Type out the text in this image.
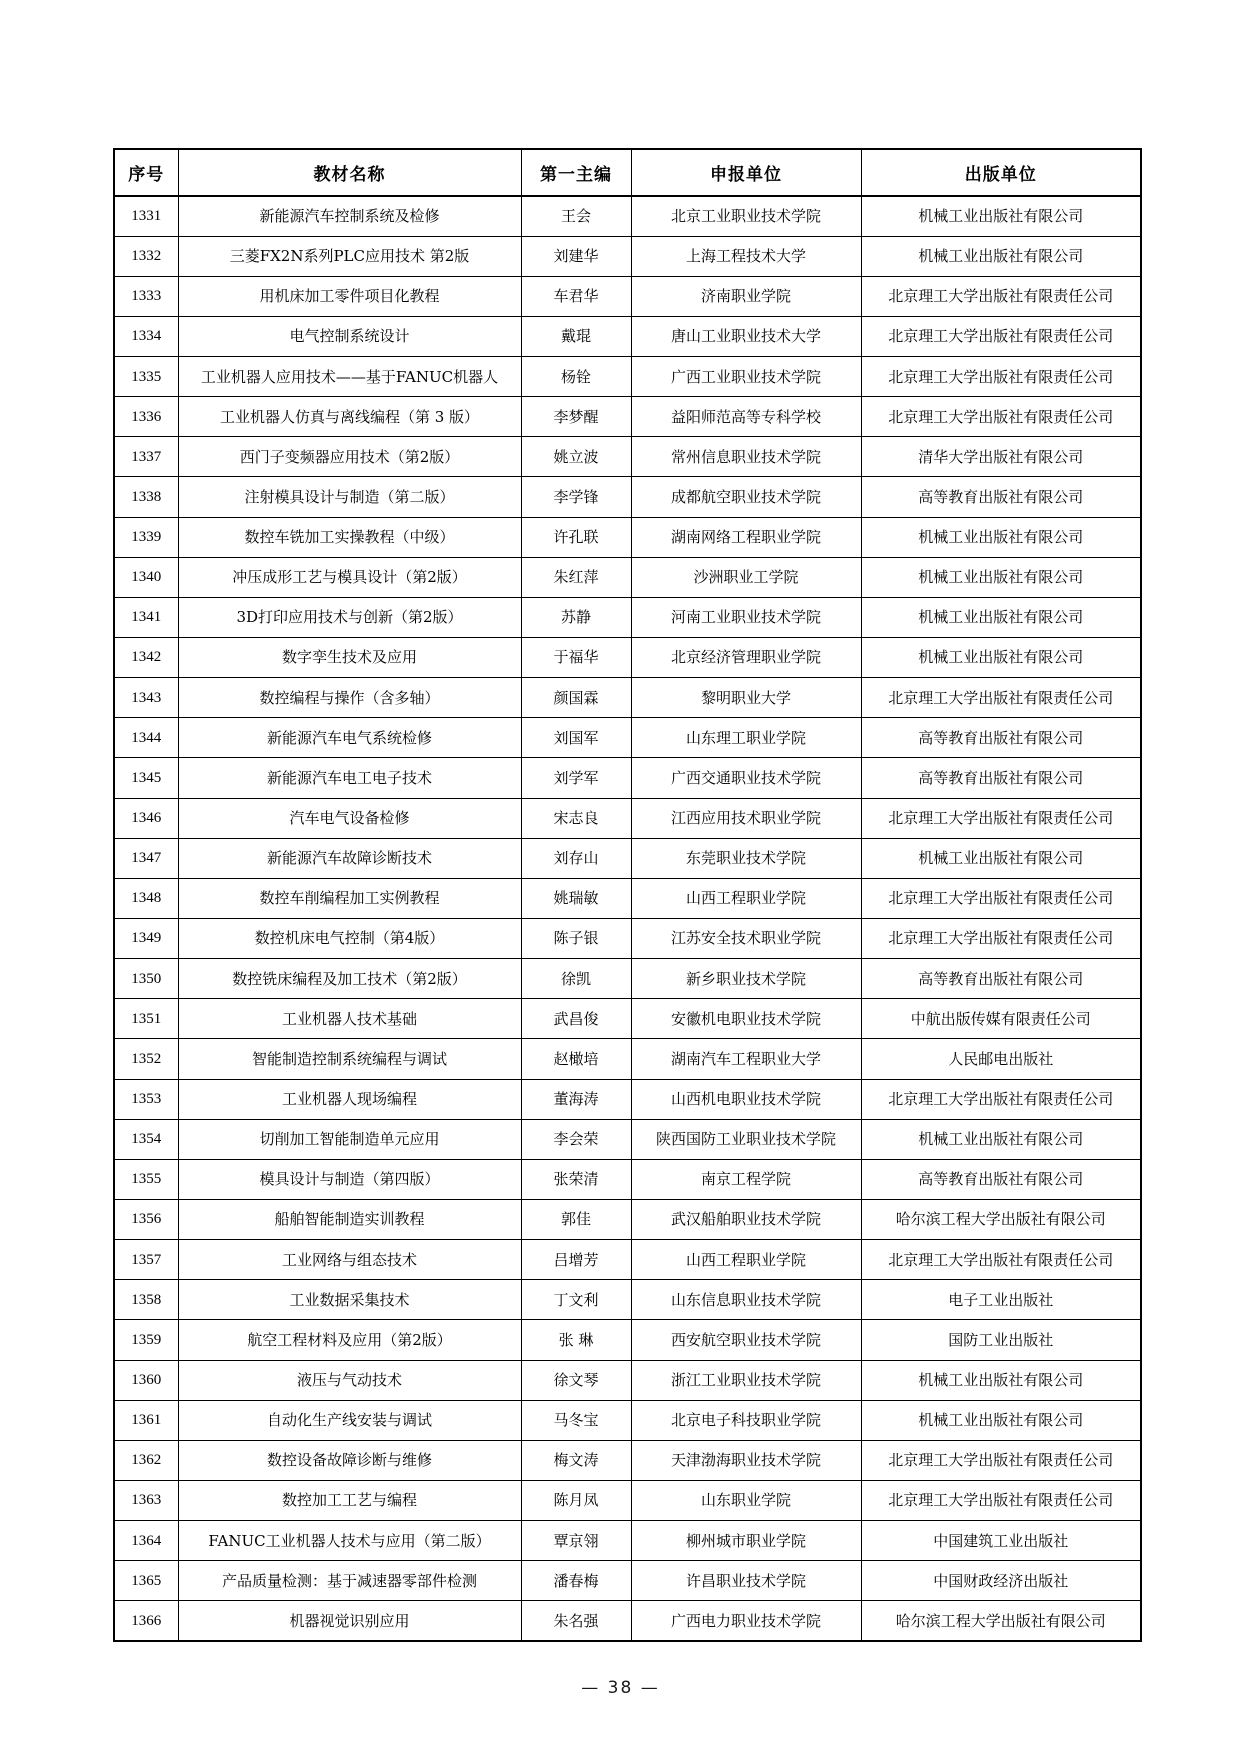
序号	教材名称	第一主编	申报单位	出版单位
1331	新能源汽车控制系统及检修	王会	北京工业职业技术学院	机械工业出版社有限公司
1332	三菱FX2N系列PLC应用技术 第2版	刘建华	上海工程技术大学	机械工业出版社有限公司
1333	用机床加工零件项目化教程	车君华	济南职业学院	北京理工大学出版社有限责任公司
1334	电气控制系统设计	戴琨	唐山工业职业技术大学	北京理工大学出版社有限责任公司
1335	工业机器人应用技术——基于FANUC机器人	杨铨	广西工业职业技术学院	北京理工大学出版社有限责任公司
1336	工业机器人仿真与离线编程（第 3 版）	李梦醒	益阳师范高等专科学校	北京理工大学出版社有限责任公司
1337	西门子变频器应用技术（第2版）	姚立波	常州信息职业技术学院	清华大学出版社有限公司
1338	注射模具设计与制造（第二版）	李学锋	成都航空职业技术学院	高等教育出版社有限公司
1339	数控车铣加工实操教程（中级）	许孔联	湖南网络工程职业学院	机械工业出版社有限公司
1340	冲压成形工艺与模具设计（第2版）	朱红萍	沙洲职业工学院	机械工业出版社有限公司
1341	3D打印应用技术与创新（第2版）	苏静	河南工业职业技术学院	机械工业出版社有限公司
1342	数字孪生技术及应用	于福华	北京经济管理职业学院	机械工业出版社有限公司
1343	数控编程与操作（含多轴）	颜国霖	黎明职业大学	北京理工大学出版社有限责任公司
1344	新能源汽车电气系统检修	刘国军	山东理工职业学院	高等教育出版社有限公司
1345	新能源汽车电工电子技术	刘学军	广西交通职业技术学院	高等教育出版社有限公司
1346	汽车电气设备检修	宋志良	江西应用技术职业学院	北京理工大学出版社有限责任公司
1347	新能源汽车故障诊断技术	刘存山	东莞职业技术学院	机械工业出版社有限公司
1348	数控车削编程加工实例教程	姚瑞敏	山西工程职业学院	北京理工大学出版社有限责任公司
1349	数控机床电气控制（第4版）	陈子银	江苏安全技术职业学院	北京理工大学出版社有限责任公司
1350	数控铣床编程及加工技术（第2版）	徐凯	新乡职业技术学院	高等教育出版社有限公司
1351	工业机器人技术基础	武昌俊	安徽机电职业技术学院	中航出版传媒有限责任公司
1352	智能制造控制系统编程与调试	赵橄培	湖南汽车工程职业大学	人民邮电出版社
1353	工业机器人现场编程	董海涛	山西机电职业技术学院	北京理工大学出版社有限责任公司
1354	切削加工智能制造单元应用	李会荣	陕西国防工业职业技术学院	机械工业出版社有限公司
1355	模具设计与制造（第四版）	张荣清	南京工程学院	高等教育出版社有限公司
1356	船舶智能制造实训教程	郭佳	武汉船舶职业技术学院	哈尔滨工程大学出版社有限公司
1357	工业网络与组态技术	吕增芳	山西工程职业学院	北京理工大学出版社有限责任公司
1358	工业数据采集技术	丁文利	山东信息职业技术学院	电子工业出版社
1359	航空工程材料及应用（第2版）	张 琳	西安航空职业技术学院	国防工业出版社
1360	液压与气动技术	徐文琴	浙江工业职业技术学院	机械工业出版社有限公司
1361	自动化生产线安装与调试	马冬宝	北京电子科技职业学院	机械工业出版社有限公司
1362	数控设备故障诊断与维修	梅文涛	天津渤海职业技术学院	北京理工大学出版社有限责任公司
1363	数控加工工艺与编程	陈月凤	山东职业学院	北京理工大学出版社有限责任公司
1364	FANUC工业机器人技术与应用（第二版）	覃京翎	柳州城市职业学院	中国建筑工业出版社
1365	产品质量检测：基于减速器零部件检测	潘春梅	许昌职业技术学院	中国财政经济出版社
1366	机器视觉识别应用	朱名强	广西电力职业技术学院	哈尔滨工程大学出版社有限公司
— 38 —
